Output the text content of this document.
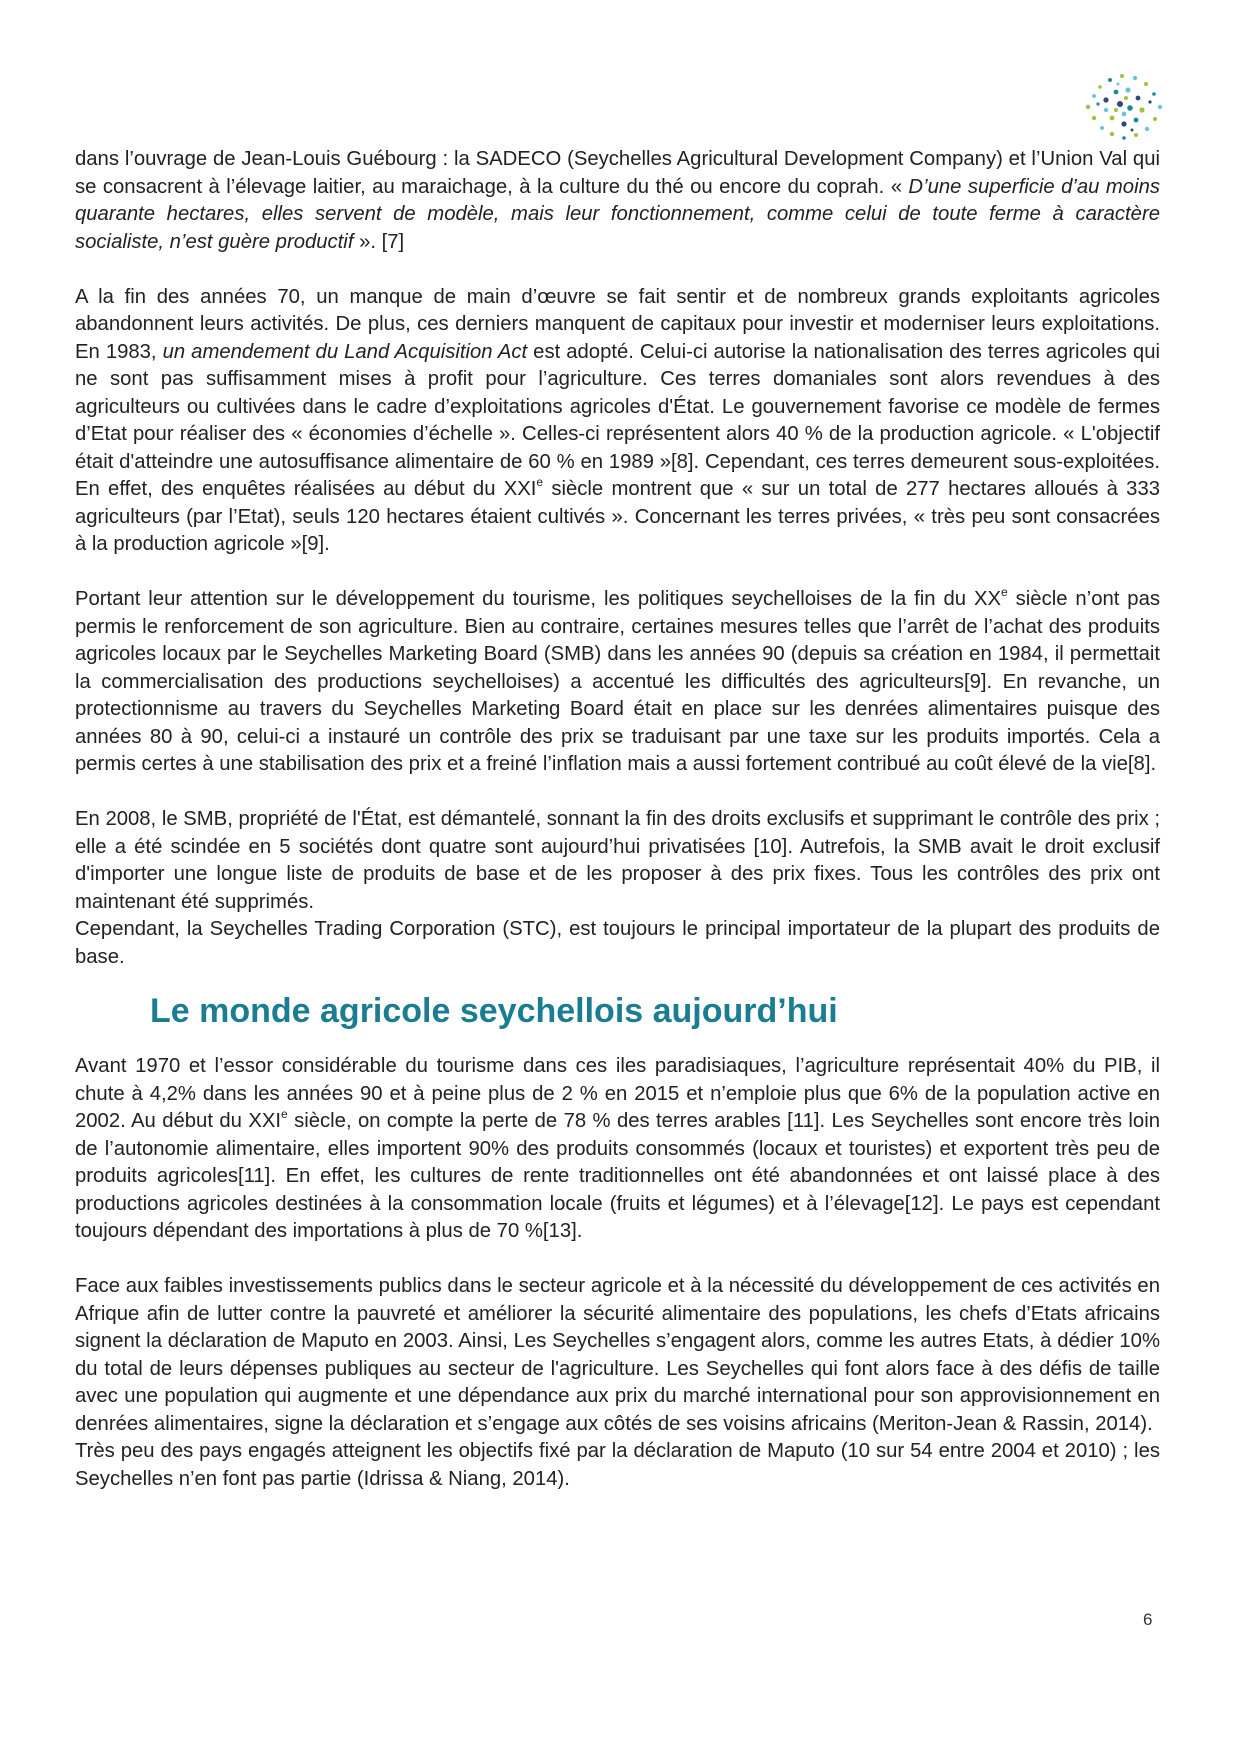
dans l’ouvrage de Jean-Louis Guébourg : la SADECO (Seychelles Agricultural Development Company) et l’Union Val qui se consacrent à l’élevage laitier, au maraichage, à la culture du thé ou encore du coprah. « D’une superficie d’au moins quarante hectares, elles servent de modèle, mais leur fonctionnement, comme celui de toute ferme à caractère socialiste, n’est guère productif ». [7]

A la fin des années 70, un manque de main d’œuvre se fait sentir et de nombreux grands exploitants agricoles abandonnent leurs activités. De plus, ces derniers manquent de capitaux pour investir et moderniser leurs exploitations. En 1983, un amendement du Land Acquisition Act est adopté. Celui-ci autorise la nationalisation des terres agricoles qui ne sont pas suffisamment mises à profit pour l’agriculture. Ces terres domaniales sont alors revendues à des agriculteurs ou cultivées dans le cadre d’exploitations agricoles d'État. Le gouvernement favorise ce modèle de fermes d’Etat pour réaliser des « économies d’échelle ». Celles-ci représentent alors 40 % de la production agricole. « L'objectif était d'atteindre une autosuffisance alimentaire de 60 % en 1989 »[8]. Cependant, ces terres demeurent sous-exploitées. En effet, des enquêtes réalisées au début du XXIe siècle montrent que « sur un total de 277 hectares alloués à 333 agriculteurs (par l’Etat), seuls 120 hectares étaient cultivés ». Concernant les terres privées, « très peu sont consacrées à la production agricole »[9].

Portant leur attention sur le développement du tourisme, les politiques seychelloises de la fin du XXe siècle n’ont pas permis le renforcement de son agriculture. Bien au contraire, certaines mesures telles que l’arrêt de l’achat des produits agricoles locaux par le Seychelles Marketing Board (SMB) dans les années 90 (depuis sa création en 1984, il permettait la commercialisation des productions seychelloises) a accentué les difficultés des agriculteurs[9]. En revanche, un protectionnisme au travers du Seychelles Marketing Board était en place sur les denrées alimentaires puisque des années 80 à 90, celui-ci a instauré un contrôle des prix se traduisant par une taxe sur les produits importés. Cela a permis certes à une stabilisation des prix et a freiné l’inflation mais a aussi fortement contribué au coût élevé de la vie[8].

En 2008, le SMB, propriété de l'État, est démantelé, sonnant la fin des droits exclusifs et supprimant le contrôle des prix ; elle a été scindée en 5 sociétés dont quatre sont aujourd’hui privatisées [10]. Autrefois, la SMB avait le droit exclusif d'importer une longue liste de produits de base et de les proposer à des prix fixes. Tous les contrôles des prix ont maintenant été supprimés.

Cependant, la Seychelles Trading Corporation (STC), est toujours le principal importateur de la plupart des produits de base.

Le monde agricole seychellois aujourd’hui

Avant 1970 et l’essor considérable du tourisme dans ces iles paradisiaques, l’agriculture représentait 40% du PIB, il chute à 4,2% dans les années 90 et à peine plus de 2 % en 2015 et n’emploie plus que 6% de la population active en 2002. Au début du XXIe siècle, on compte la perte de 78 % des terres arables [11]. Les Seychelles sont encore très loin de l’autonomie alimentaire, elles importent 90% des produits consommés (locaux et touristes) et exportent très peu de produits agricoles[11]. En effet, les cultures de rente traditionnelles ont été abandonnées et ont laissé place à des productions agricoles destinées à la consommation locale (fruits et légumes) et à l’élevage[12]. Le pays est cependant toujours dépendant des importations à plus de 70 %[13].

Face aux faibles investissements publics dans le secteur agricole et à la nécessité du développement de ces activités en Afrique afin de lutter contre la pauvreté et améliorer la sécurité alimentaire des populations, les chefs d’Etats africains signent la déclaration de Maputo en 2003. Ainsi, Les Seychelles s’engagent alors, comme les autres Etats, à dédier 10% du total de leurs dépenses publiques au secteur de l'agriculture. Les Seychelles qui font alors face à des défis de taille avec une population qui augmente et une dépendance aux prix du marché international pour son approvisionnement en denrées alimentaires, signe la déclaration et s’engage aux côtés de ses voisins africains (Meriton-Jean & Rassin, 2014).

Très peu des pays engagés atteignent les objectifs fixé par la déclaration de Maputo (10 sur 54 entre 2004 et 2010) ; les Seychelles n’en font pas partie (Idrissa & Niang, 2014).

6
